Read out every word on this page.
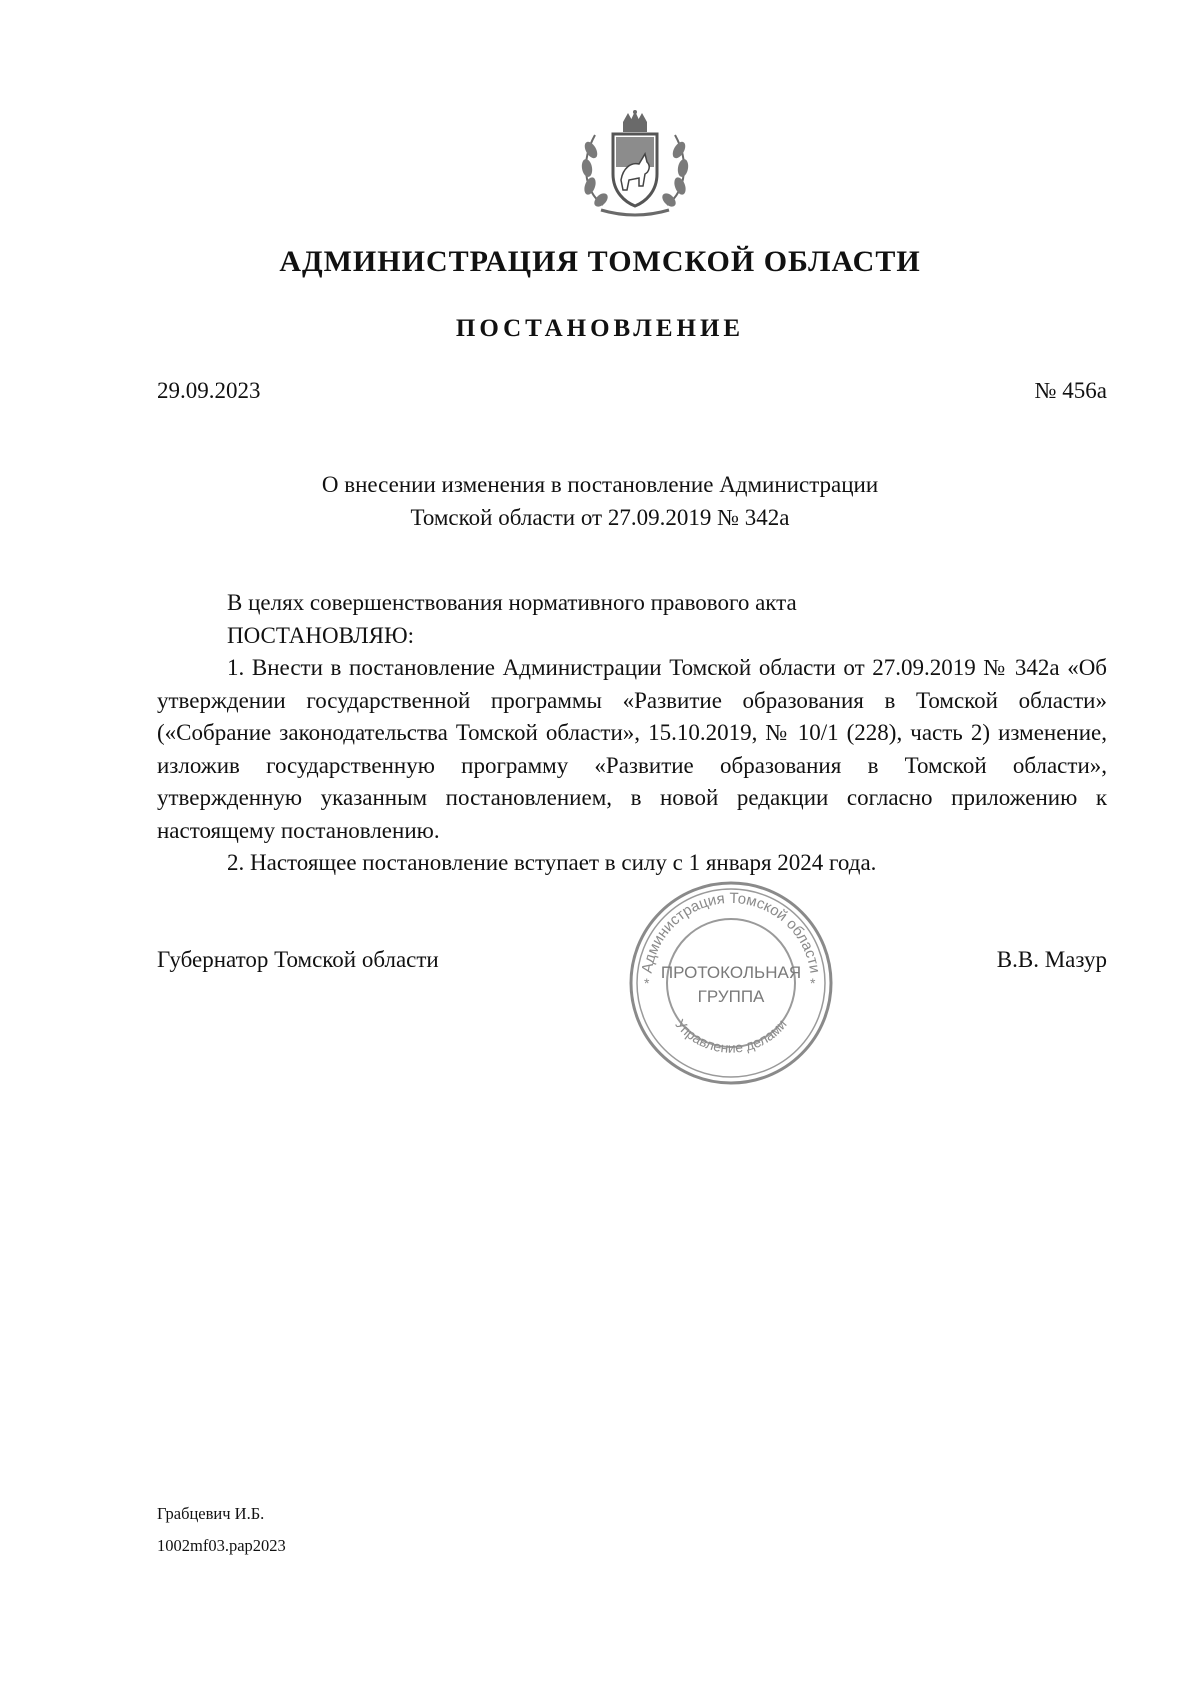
АДМИНИСТРАЦИЯ ТОМСКОЙ ОБЛАСТИ
ПОСТАНОВЛЕНИЕ
29.09.2023	№ 456а
О внесении изменения в постановление Администрации
Томской области от 27.09.2019 № 342а

В целях совершенствования нормативного правового акта

ПОСТАНОВЛЯЮ:

1. Внести в постановление Администрации Томской области от 27.09.2019 № 342а «Об утверждении государственной программы «Развитие образования в Томской области» («Собрание законодательства Томской области», 15.10.2019, № 10/1 (228), часть 2) изменение, изложив государственную программу «Развитие образования в Томской области», утвержденную указанным постановлением, в новой редакции согласно приложению к настоящему постановлению.

2. Настоящее постановление вступает в силу с 1 января 2024 года.

Губернатор Томской области	В.В. Мазур
Администрация Томской области
Управление делами
*	*
ПРОТОКОЛЬНАЯ
ГРУППА
Грабцевич И.Б.
1002mf03.pap2023
